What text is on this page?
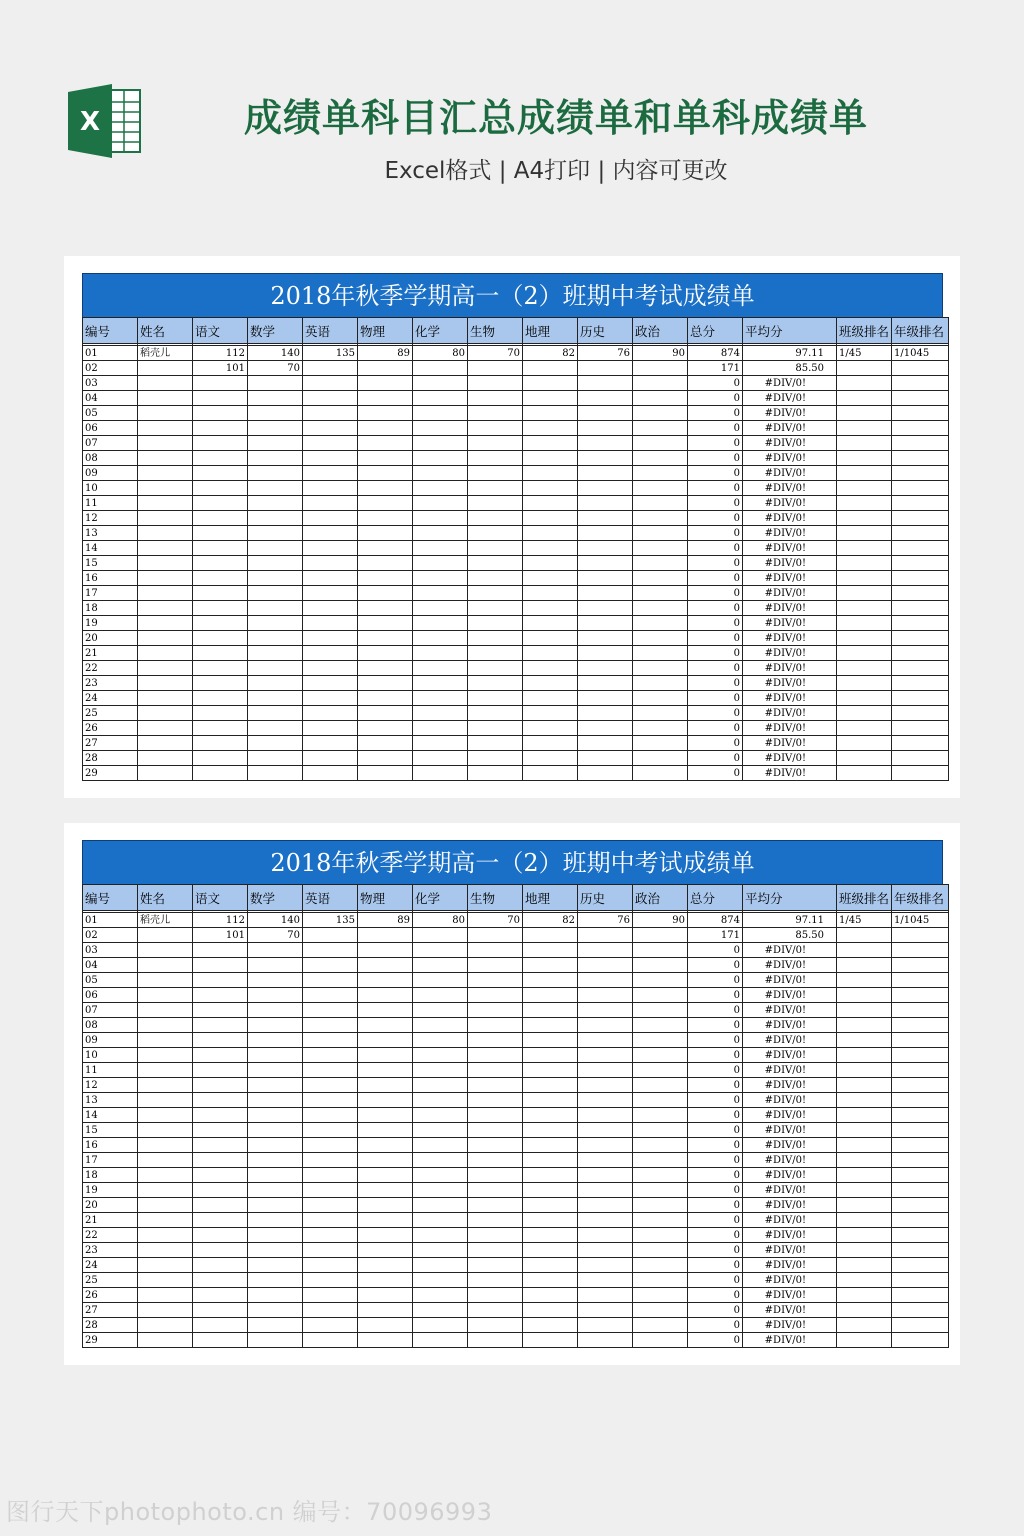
X	成绩单科目汇总成绩单和单科成绩单
Excel格式 | A4打印 | 内容可更改
2018年秋季学期高一（2）班期中考试成绩单
编号	姓名	语文	数学	英语	物理	化学	生物	地理	历史	政治	总分	平均分	班级排名	年级排名

01	稻壳儿	112	140	135	89	80	70	82	76	90	874	97.11	1/45	1/1045
02		101	70								171	85.50		
03											0	#DIV/0!		
04											0	#DIV/0!		
05											0	#DIV/0!		
06											0	#DIV/0!		
07											0	#DIV/0!		
08											0	#DIV/0!		
09											0	#DIV/0!		
10											0	#DIV/0!		
11											0	#DIV/0!		
12											0	#DIV/0!		
13											0	#DIV/0!		
14											0	#DIV/0!		
15											0	#DIV/0!		
16											0	#DIV/0!		
17											0	#DIV/0!		
18											0	#DIV/0!		
19											0	#DIV/0!		
20											0	#DIV/0!		
21											0	#DIV/0!		
22											0	#DIV/0!		
23											0	#DIV/0!		
24											0	#DIV/0!		
25											0	#DIV/0!		
26											0	#DIV/0!		
27											0	#DIV/0!		
28											0	#DIV/0!		
29											0	#DIV/0!		
2018年秋季学期高一（2）班期中考试成绩单
编号	姓名	语文	数学	英语	物理	化学	生物	地理	历史	政治	总分	平均分	班级排名	年级排名

01	稻壳儿	112	140	135	89	80	70	82	76	90	874	97.11	1/45	1/1045
02		101	70								171	85.50		
03											0	#DIV/0!		
04											0	#DIV/0!		
05											0	#DIV/0!		
06											0	#DIV/0!		
07											0	#DIV/0!		
08											0	#DIV/0!		
09											0	#DIV/0!		
10											0	#DIV/0!		
11											0	#DIV/0!		
12											0	#DIV/0!		
13											0	#DIV/0!		
14											0	#DIV/0!		
15											0	#DIV/0!		
16											0	#DIV/0!		
17											0	#DIV/0!		
18											0	#DIV/0!		
19											0	#DIV/0!		
20											0	#DIV/0!		
21											0	#DIV/0!		
22											0	#DIV/0!		
23											0	#DIV/0!		
24											0	#DIV/0!		
25											0	#DIV/0!		
26											0	#DIV/0!		
27											0	#DIV/0!		
28											0	#DIV/0!		
29											0	#DIV/0!		
图行天下photophoto.cn 编号：70096993
